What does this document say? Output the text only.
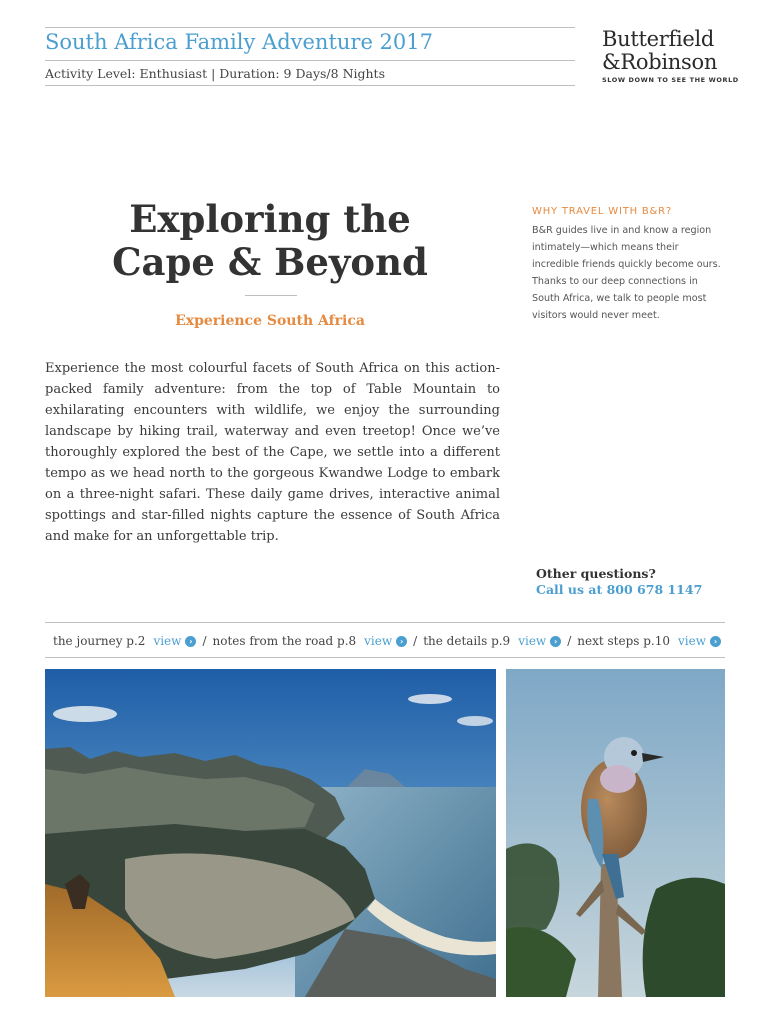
South Africa Family Adventure 2017
Activity Level: Enthusiast | Duration: 9 Days/8 Nights
Butterfield
&Robinson
SLOW DOWN TO SEE THE WORLD
Exploring the
Cape & Beyond
Experience South Africa
WHY TRAVEL WITH B&R?
B&R guides live in and know a region intimately—which means their incredible friends quickly become ours. Thanks to our deep connections in South Africa, we talk to people most visitors would never meet.
Experience the most colourful facets of South Africa on this action-packed family adventure: from the top of Table Mountain to exhilarating encounters with wildlife, we enjoy the surrounding landscape by hiking trail, waterway and even treetop! Once we’ve thoroughly explored the best of the Cape, we settle into a different tempo as we head north to the gorgeous Kwandwe Lodge to embark on a three-night safari. These daily game drives, interactive animal spottings and star-filled nights capture the essence of South Africa and make for an unforgettable trip.
Other questions?
Call us at 800 678 1147
the journey p.2 view › / notes from the road p.8 view › / the details p.9 view › / next steps p.10 view ›
